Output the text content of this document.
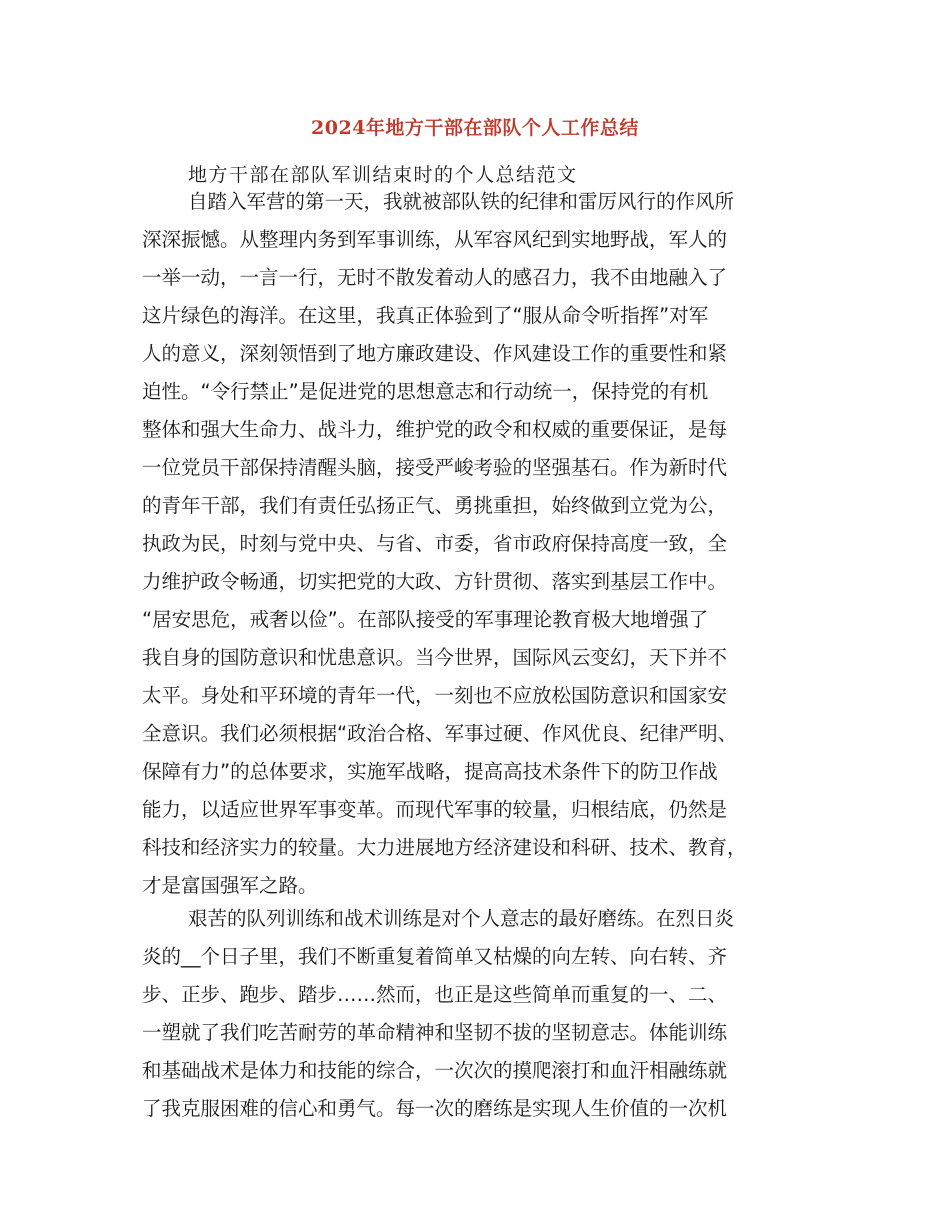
2024年地方干部在部队个人工作总结
地方干部在部队军训结束时的个人总结范文
自踏入军营的第一天，我就被部队铁的纪律和雷厉风行的作风所
深深振憾。从整理内务到军事训练，从军容风纪到实地野战，军人的
一举一动，一言一行，无时不散发着动人的感召力，我不由地融入了
这片绿色的海洋。在这里，我真正体验到了“服从命令听指挥”对军
人的意义，深刻领悟到了地方廉政建设、作风建设工作的重要性和紧
迫性。“令行禁止”是促进党的思想意志和行动统一，保持党的有机
整体和强大生命力、战斗力，维护党的政令和权威的重要保证，是每
一位党员干部保持清醒头脑，接受严峻考验的坚强基石。作为新时代
的青年干部，我们有责任弘扬正气、勇挑重担，始终做到立党为公，
执政为民，时刻与党中央、与省、市委，省市政府保持高度一致，全
力维护政令畅通，切实把党的大政、方针贯彻、落实到基层工作中。
“居安思危，戒奢以俭”。在部队接受的军事理论教育极大地增强了
我自身的国防意识和忧患意识。当今世界，国际风云变幻，天下并不
太平。身处和平环境的青年一代，一刻也不应放松国防意识和国家安
全意识。我们必须根据“政治合格、军事过硬、作风优良、纪律严明、
保障有力”的总体要求，实施军战略，提高高技术条件下的防卫作战
能力，以适应世界军事变革。而现代军事的较量，归根结底，仍然是
科技和经济实力的较量。大力进展地方经济建设和科研、技术、教育，
才是富国强军之路。
艰苦的队列训练和战术训练是对个人意志的最好磨练。在烈日炎
炎的__个日子里，我们不断重复着简单又枯燥的向左转、向右转、齐
步、正步、跑步、踏步……然而，也正是这些简单而重复的一、二、
一塑就了我们吃苦耐劳的革命精神和坚韧不拔的坚韧意志。体能训练
和基础战术是体力和技能的综合，一次次的摸爬滚打和血汗相融练就
了我克服困难的信心和勇气。每一次的磨练是实现人生价值的一次机
